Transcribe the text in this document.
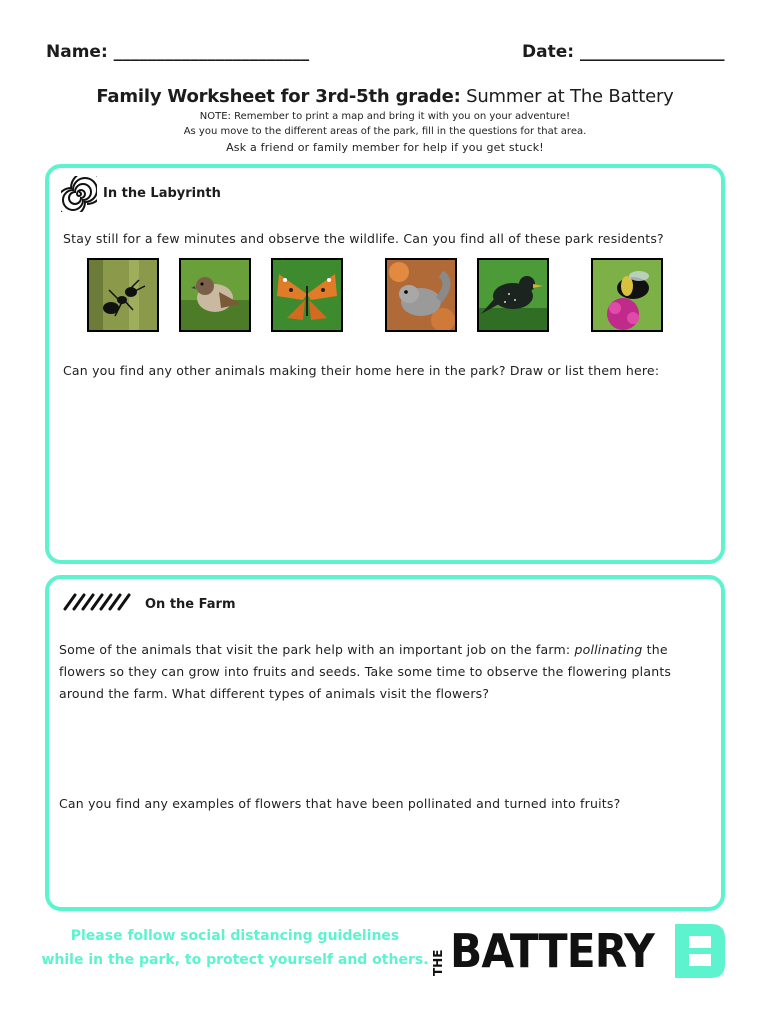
Name: _______________________	Date: _________________
Family Worksheet for 3rd-5th grade: Summer at The Battery
NOTE: Remember to print a map and bring it with you on your adventure!
As you move to the different areas of the park, fill in the questions for that area.
Ask a friend or family member for help if you get stuck!
In the Labyrinth
Stay still for a few minutes and observe the wildlife. Can you find all of these park residents?
Can you find any other animals making their home here in the park? Draw or list them here:
On the Farm
Some of the animals that visit the park help with an important job on the farm: pollinating the flowers so they can grow into fruits and seeds. Take some time to observe the flowering plants around the farm. What different types of animals visit the flowers?
Can you find any examples of flowers that have been pollinated and turned into fruits?
Please follow social distancing guidelines
while in the park, to protect yourself and others. THE BATTERY
